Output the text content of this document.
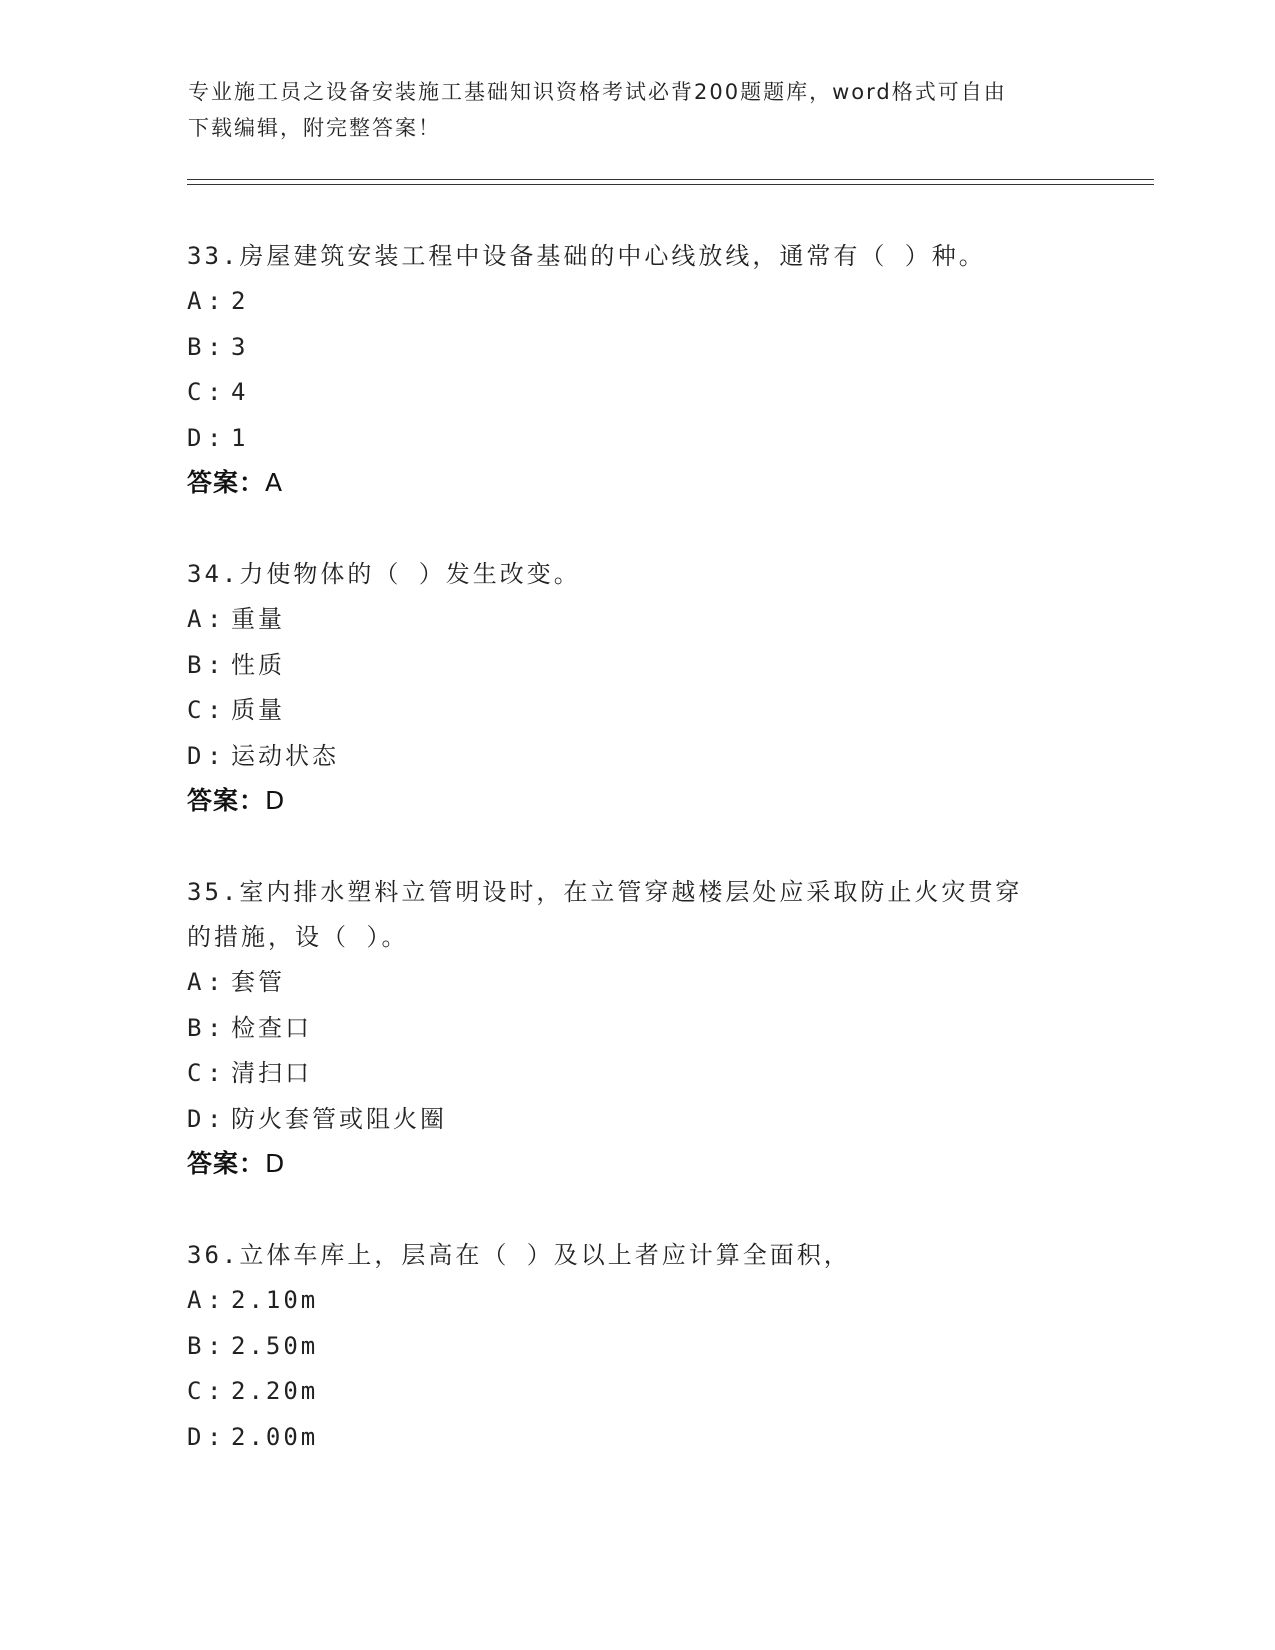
专业施工员之设备安装施工基础知识资格考试必背200题题库，word格式可自由
下载编辑，附完整答案！
33.房屋建筑安装工程中设备基础的中心线放线，通常有（ ）种。
A : 2
B : 3
C : 4
D : 1
答案：A
34.力使物体的（ ）发生改变。
A : 重量
B : 性质
C : 质量
D : 运动状态
答案：D
35.室内排水塑料立管明设时，在立管穿越楼层处应采取防止火灾贯穿
的措施，设（ ）。
A : 套管
B : 检查口
C : 清扫口
D : 防火套管或阻火圈
答案：D
36.立体车库上，层高在（ ）及以上者应计算全面积，
A : 2.10m
B : 2.50m
C : 2.20m
D : 2.00m
